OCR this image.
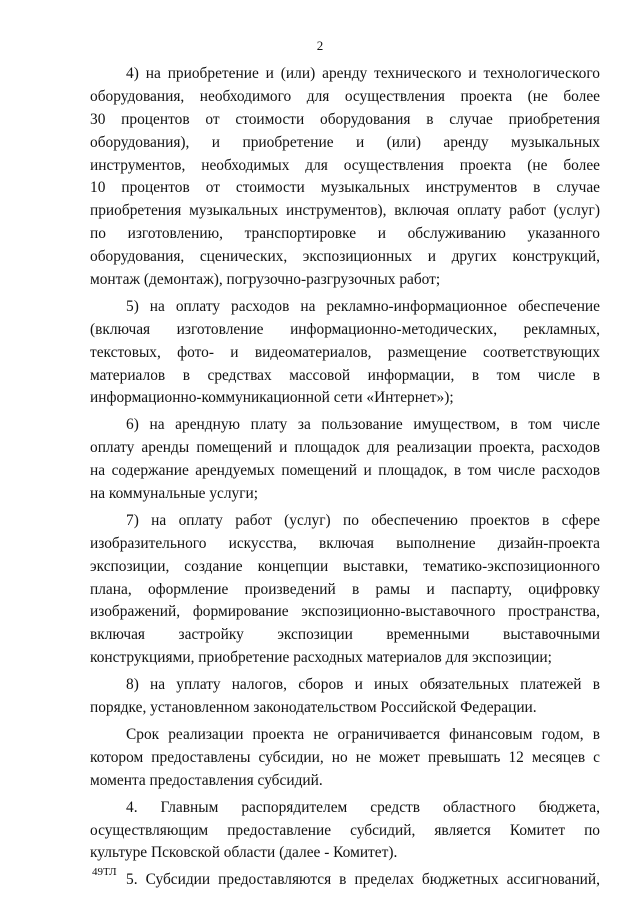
2
4) на приобретение и (или) аренду технического и технологического
оборудования, необходимого для осуществления проекта (не более
30 процентов от стоимости оборудования в случае приобретения
оборудования), и приобретение и (или) аренду музыкальных
инструментов, необходимых для осуществления проекта (не более
10 процентов от стоимости музыкальных инструментов в случае
приобретения музыкальных инструментов), включая оплату работ (услуг)
по изготовлению, транспортировке и обслуживанию указанного
оборудования, сценических, экспозиционных и других конструкций,
монтаж (демонтаж), погрузочно-разгрузочных работ;
5) на оплату расходов на рекламно-информационное обеспечение
(включая изготовление информационно-методических, рекламных,
текстовых, фото- и видеоматериалов, размещение соответствующих
материалов в средствах массовой информации, в том числе в
информационно-коммуникационной сети «Интернет»);
6) на арендную плату за пользование имуществом, в том числе
оплату аренды помещений и площадок для реализации проекта, расходов
на содержание арендуемых помещений и площадок, в том числе расходов
на коммунальные услуги;
7) на оплату работ (услуг) по обеспечению проектов в сфере
изобразительного искусства, включая выполнение дизайн-проекта
экспозиции, создание концепции выставки, тематико-экспозиционного
плана, оформление произведений в рамы и паспарту, оцифровку
изображений, формирование экспозиционно-выставочного пространства,
включая застройку экспозиции временными выставочными
конструкциями, приобретение расходных материалов для экспозиции;
8) на уплату налогов, сборов и иных обязательных платежей в
порядке, установленном законодательством Российской Федерации.
Срок реализации проекта не ограничивается финансовым годом, в
котором предоставлены субсидии, но не может превышать 12 месяцев с
момента предоставления субсидий.
4. Главным распорядителем средств областного бюджета,
осуществляющим предоставление субсидий, является Комитет по
культуре Псковской области (далее - Комитет).
5. Субсидии предоставляются в пределах бюджетных ассигнований,
49ТЛ
